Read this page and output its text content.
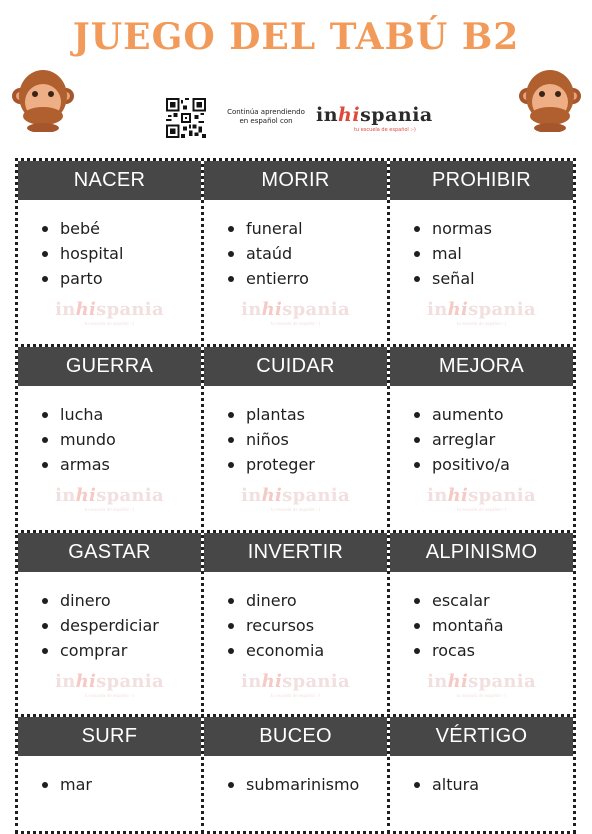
JUEGO DEL TABÚ B2
Continúa aprendiendo en español con	inhispania
tu escuela de español :-)
NACER
bebé
hospital
parto
inhispania
tu escuela de español :-)
MORIR
funeral
ataúd
entierro
inhispania
tu escuela de español :-)
PROHIBIR
normas
mal
señal
inhispania
tu escuela de español :-)
GUERRA
lucha
mundo
armas
inhispania
tu escuela de español :-)
CUIDAR
plantas
niños
proteger
inhispania
tu escuela de español :-)
MEJORA
aumento
arreglar
positivo/a
inhispania
tu escuela de español :-)
GASTAR
dinero
desperdiciar
comprar
inhispania
tu escuela de español :-)
INVERTIR
dinero
recursos
economia
inhispania
tu escuela de español :-)
ALPINISMO
escalar
montaña
rocas
inhispania
tu escuela de español :-)
SURF
mar
BUCEO
submarinismo
VÉRTIGO
altura
